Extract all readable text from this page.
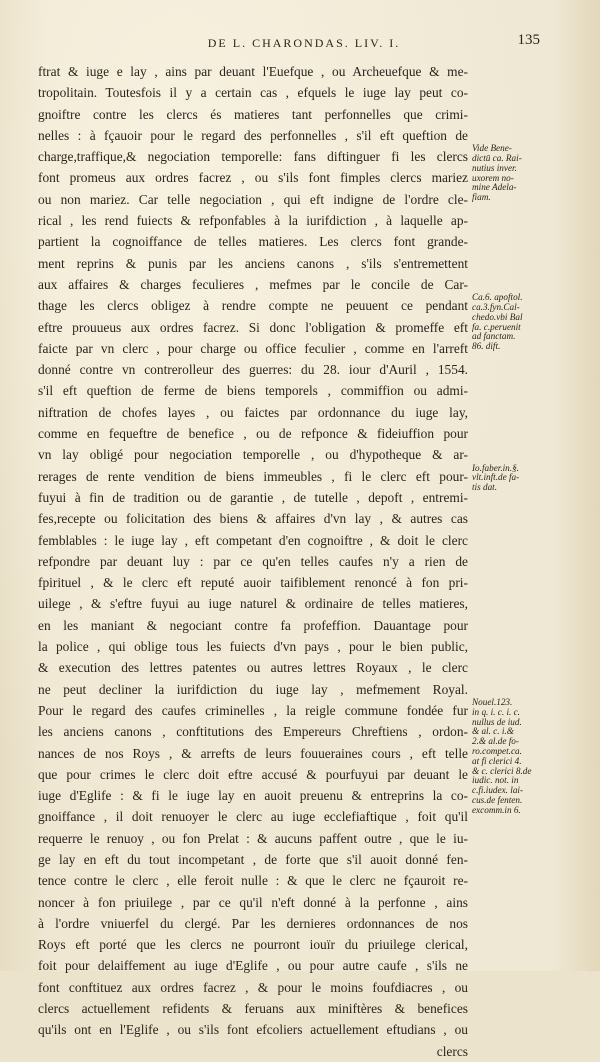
DE L. CHARONDAS. LIV. I.	135
ftrat & iuge e lay , ains par deuant l'Euefque , ou Archeuefque & me-
tropolitain. Toutesfois il y a certain cas , efquels le iuge lay peut co-
gnoiftre contre les clercs és matieres tant perfonnelles que crimi-
nelles : à fçauoir pour le regard des perfonnelles , s'il eft queftion de
charge,traffique,& negociation temporelle: fans diftinguer fi les clercs
font promeus aux ordres facrez , ou s'ils font fimples clercs mariez
ou non mariez. Car telle negociation , qui eft indigne de l'ordre cle-
rical , les rend fuiects & refponfables à la iurifdiction , à laquelle ap-
partient la cognoiffance de telles matieres. Les clercs font grande-
ment reprins & punis par les anciens canons , s'ils s'entremettent
aux affaires & charges feculieres , mefmes par le concile de Car-
thage les clercs obligez à rendre compte ne peuuent ce pendant
eftre prouueus aux ordres facrez. Si donc l'obligation & promeffe eft
faicte par vn clerc , pour charge ou office feculier , comme en l'arreft
donné contre vn contrerolleur des guerres: du 28. iour d'Auril , 1554.
s'il eft queftion de ferme de biens temporels , commiffion ou admi-
niftration de chofes layes , ou faictes par ordonnance du iuge lay,
comme en fequeftre de benefice , ou de refponce & fideiuffion pour
vn lay obligé pour negociation temporelle , ou d'hypotheque & ar-
rerages de rente vendition de biens immeubles , fi le clerc eft pour-
fuyui à fin de tradition ou de garantie , de tutelle , depoft , entremi-
fes,recepte ou folicitation des biens & affaires d'vn lay , & autres cas
femblables : le iuge lay , eft competant d'en cognoiftre , & doit le clerc
refpondre par deuant luy : par ce qu'en telles caufes n'y a rien de
fpirituel , & le clerc eft reputé auoir taifiblement renoncé à fon pri-
uilege , & s'eftre fuyui au iuge naturel & ordinaire de telles matieres,
en les maniant & negociant contre fa profeffion. Dauantage pour
la police , qui oblige tous les fuiects d'vn pays , pour le bien public,
& execution des lettres patentes ou autres lettres Royaux , le clerc
ne peut decliner la iurifdiction du iuge lay , mefmement Royal.
Pour le regard des caufes criminelles , la reigle commune fondée fur
les anciens canons , conftitutions des Empereurs Chreftiens , ordon-
nances de nos Roys , & arrefts de leurs fouueraines cours , eft telle
que pour crimes le clerc doit eftre accusé & pourfuyui par deuant le
iuge d'Eglife : & fi le iuge lay en auoit preuenu & entreprins la co-
gnoiffance , il doit renuoyer le clerc au iuge ecclefiaftique , foit qu'il
requerre le renuoy , ou fon Prelat : & aucuns paffent outre , que le iu-
ge lay en eft du tout incompetant , de forte que s'il auoit donné fen-
tence contre le clerc , elle feroit nulle : & que le clerc ne fçauroit re-
noncer à fon priuilege , par ce qu'il n'eft donné à la perfonne , ains
à l'ordre vniuerfel du clergé. Par les dernieres ordonnances de nos
Roys eft porté que les clercs ne pourront iouïr du priuilege clerical,
foit pour delaiffement au iuge d'Eglife , ou pour autre caufe , s'ils ne
font conftituez aux ordres facrez , & pour le moins foufdiacres , ou
clercs actuellement refidents & feruans aux miniftères & benefices
qu'ils ont en l'Eglife , ou s'ils font efcoliers actuellement eftudians , ou
clercs
Vide Bene-
dictū ca. Rai-
nutius inver.
uxorem no-
mine Adela-
fiam.
Ca.6. apoftol.
ca.3.fyn.Cal-
chedo.vbi Bal
fa. c.peruenit
ad fanctam.
86. dift.
Io.faber.in.§.
vlt.inft.de fa-
tis dat.
Nouel.123.
in q. i. c. i. c.
nullus de iud.
& al. c. i.&
2.& al.de fo-
ro.compet.ca.
at fi clerici 4.
& c. clerici 8.de
iudic. not. in
c.fi.iudex. lai-
cus.de fenten.
excomm.in 6.
